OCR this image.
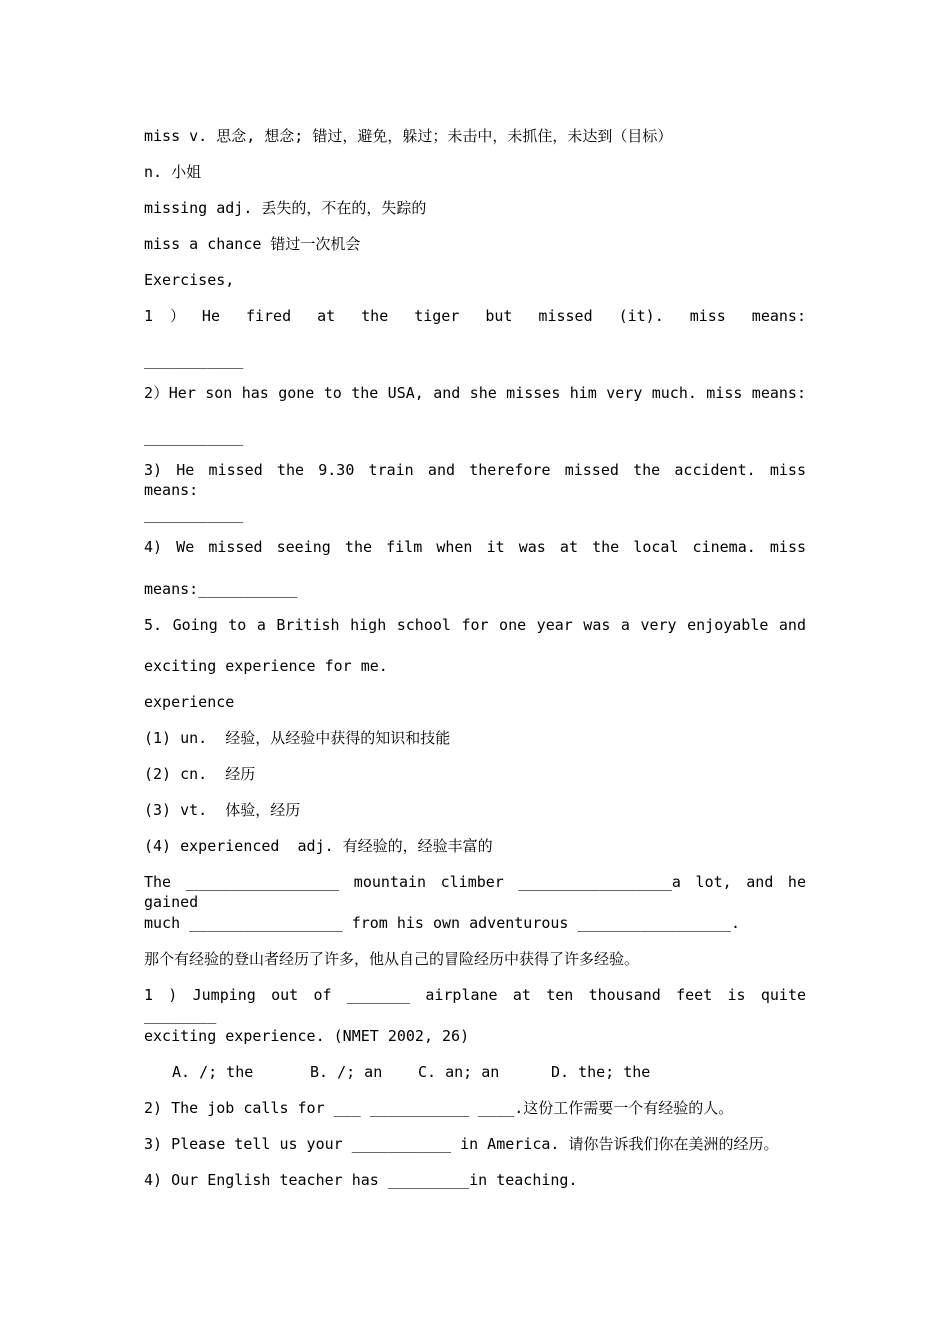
miss v. 思念, 想念; 错过，避免，躲过；未击中，未抓住，未达到（目标）
n. 小姐
missing adj. 丢失的，不在的，失踪的
miss a chance 错过一次机会
Exercises,
1）He fired at the tiger but missed (it). miss means:
___________
2）Her son has gone to the USA, and she misses him very much. miss means:
___________
3) He missed the 9.30 train and therefore missed the accident. miss means:
___________
4) We missed seeing the film when it was at the local cinema. miss
means:___________
5. Going to a British high school for one year was a very enjoyable and
exciting experience for me.
experience
(1) un.  经验，从经验中获得的知识和技能
(2) cn.  经历
(3) vt.  体验，经历
(4) experienced  adj. 有经验的，经验丰富的
The _________________ mountain climber _________________a lot, and he gained
much _________________ from his own adventurous _________________.
那个有经验的登山者经历了许多，他从自己的冒险经历中获得了许多经验。
1 ) Jumping out of _______ airplane at ten thousand feet is quite ________
exciting experience. (NMET 2002, 26)
A. /; the	B. /; an C. an; an	D. the; the
2) The job calls for ___ ___________ ____.这份工作需要一个有经验的人。
3) Please tell us your ___________ in America. 请你告诉我们你在美洲的经历。
4) Our English teacher has _________in teaching.
